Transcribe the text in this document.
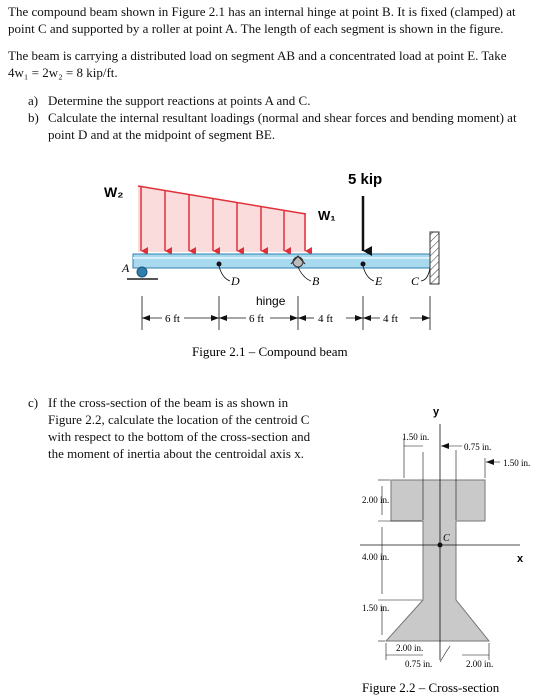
The compound beam shown in Figure 2.1 has an internal hinge at point B. It is fixed (clamped) at
point C and supported by a roller at point A. The length of each segment is shown in the figure.
The beam is carrying a distributed load on segment AB and a concentrated load at point E. Take
4w₁ = 2w₂ = 8 kip/ft.
a) Determine the support reactions at points A and C.
b) Calculate the internal resultant loadings (normal and shear forces and bending moment) at
point D and at the midpoint of segment BE.
c) If the cross-section of the beam is as shown in
Figure 2.2, calculate the location of the centroid C
with respect to the bottom of the cross-section and
the moment of inertia about the centroidal axis x.
W₂
W₁
5 kip
A
D	B	E C
hinge
6 ft	6 ft	4 ft	4 ft
Figure 2.1 – Compound beam
y
x
C
1.50 in.
0.75 in.
1.50 in.
2.00 in.
4.00 in.
1.50 in.
2.00 in.
0.75 in.	2.00 in.
Figure 2.2 – Cross-section
